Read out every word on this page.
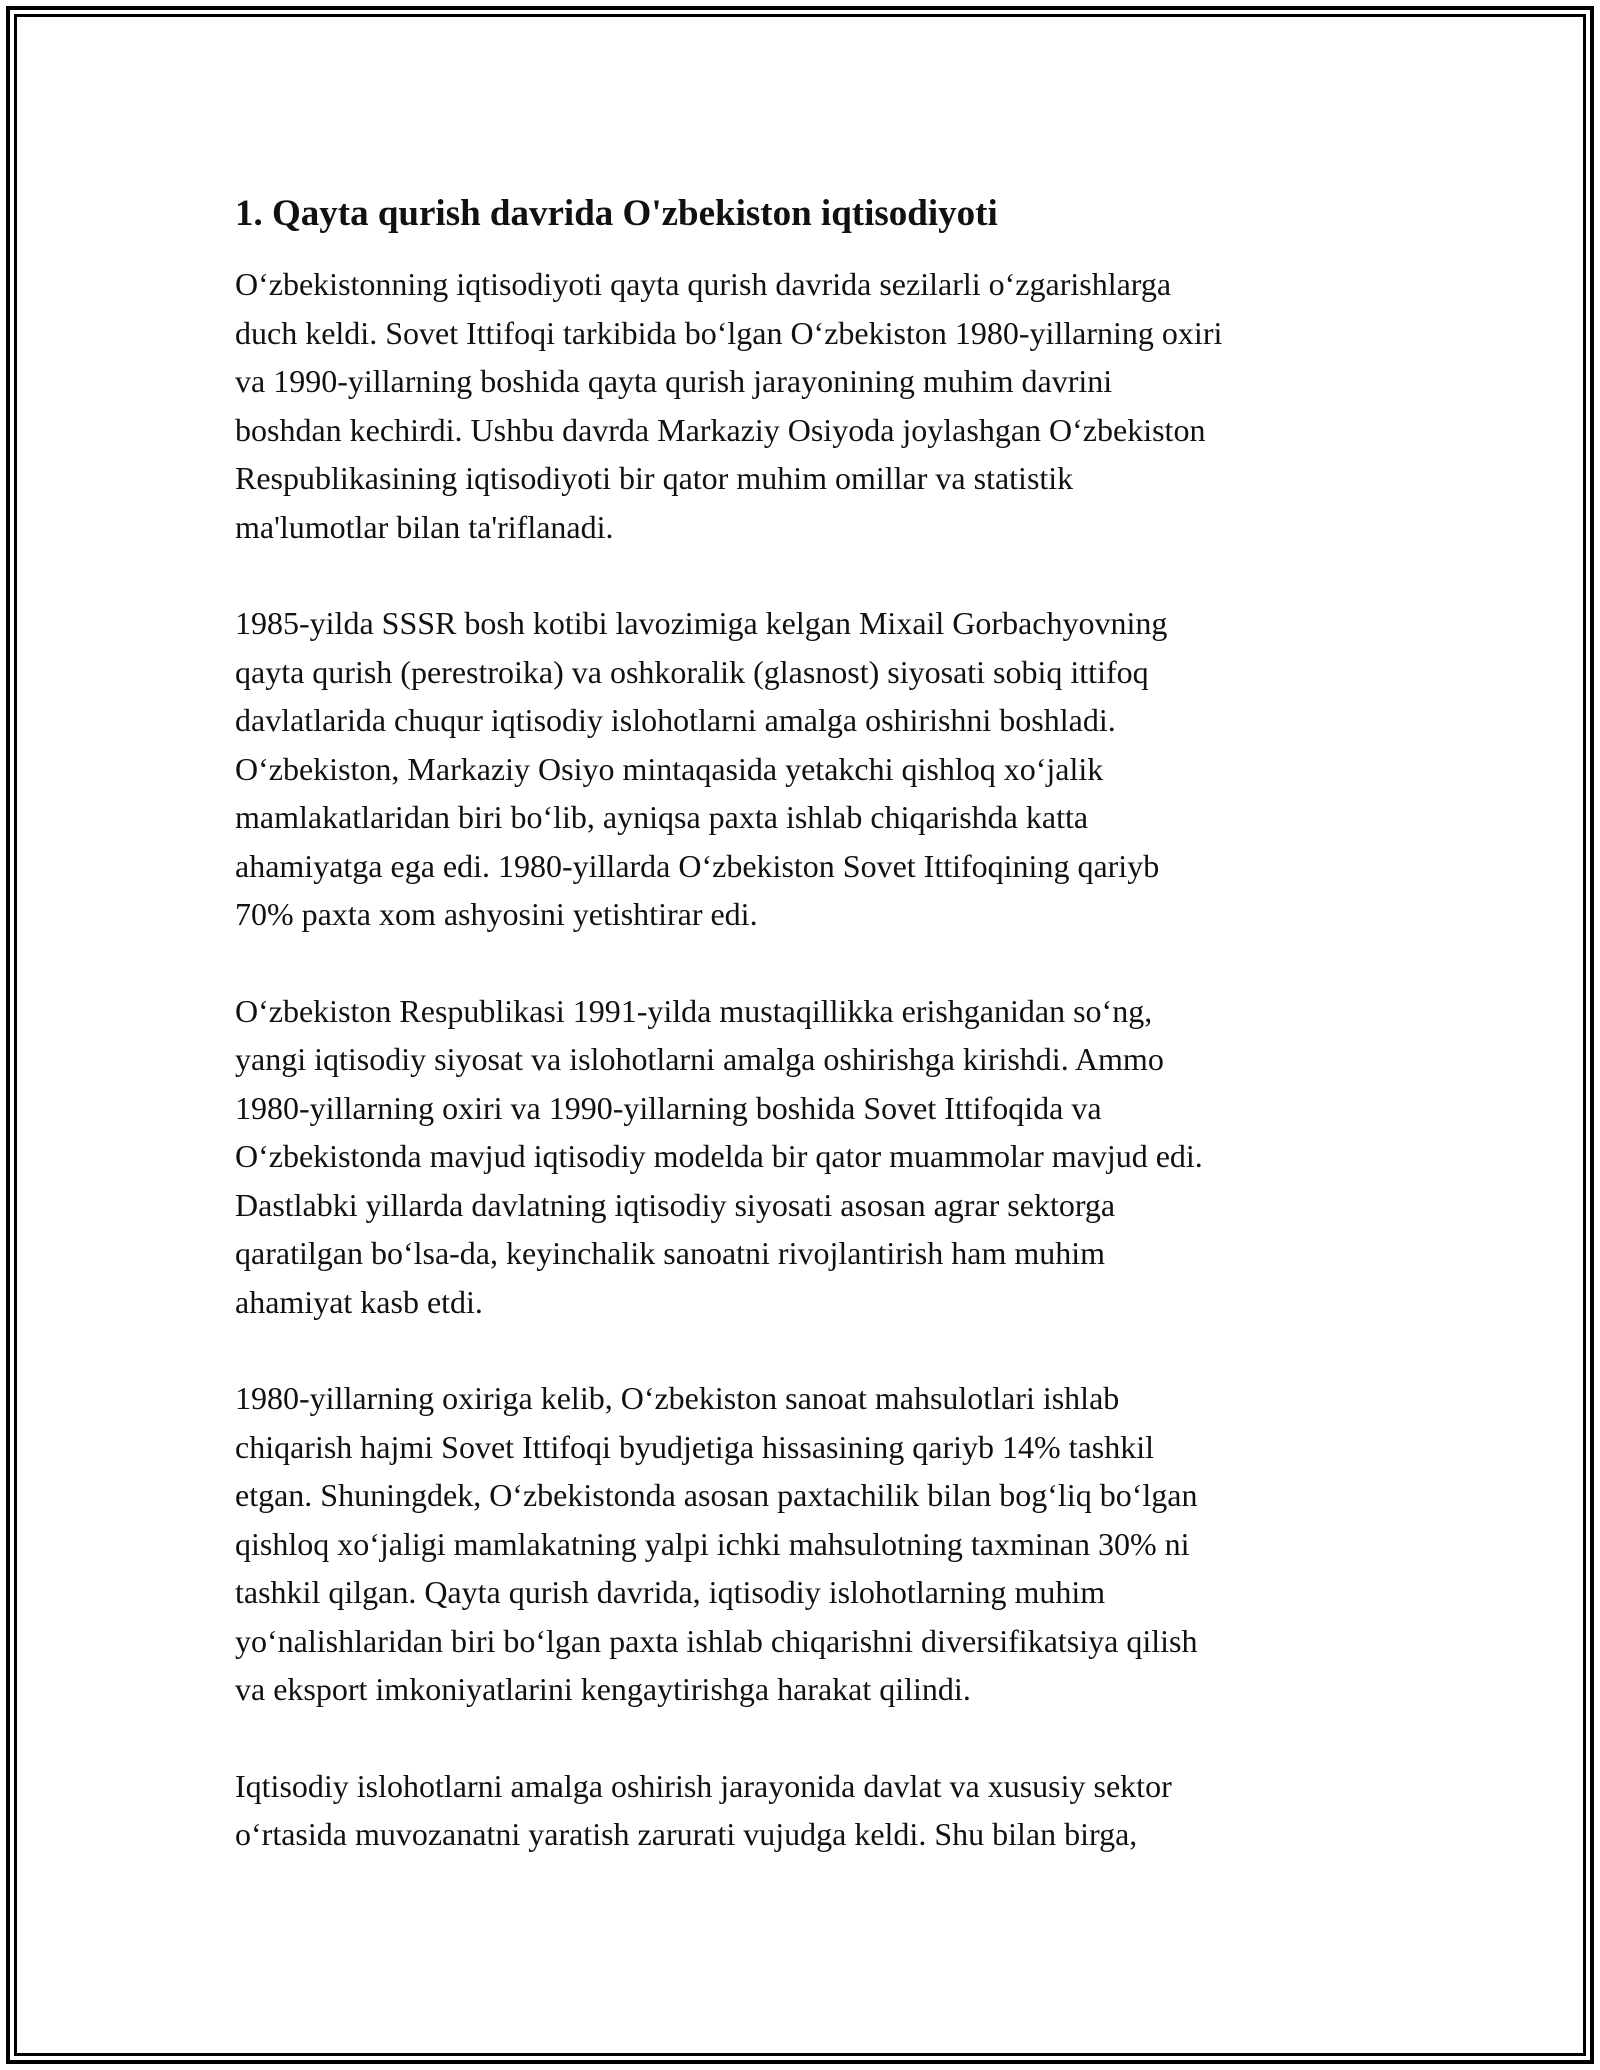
1. Qayta qurish davrida O'zbekiston iqtisodiyoti

O‘zbekistonning iqtisodiyoti qayta qurish davrida sezilarli o‘zgarishlarga
duch keldi. Sovet Ittifoqi tarkibida bo‘lgan O‘zbekiston 1980-yillarning oxiri
va 1990-yillarning boshida qayta qurish jarayonining muhim davrini
boshdan kechirdi. Ushbu davrda Markaziy Osiyoda joylashgan O‘zbekiston
Respublikasining iqtisodiyoti bir qator muhim omillar va statistik
ma'lumotlar bilan ta'riflanadi.

1985-yilda SSSR bosh kotibi lavozimiga kelgan Mixail Gorbachyovning
qayta qurish (perestroika) va oshkoralik (glasnost) siyosati sobiq ittifoq
davlatlarida chuqur iqtisodiy islohotlarni amalga oshirishni boshladi.
O‘zbekiston, Markaziy Osiyo mintaqasida yetakchi qishloq xo‘jalik
mamlakatlaridan biri bo‘lib, ayniqsa paxta ishlab chiqarishda katta
ahamiyatga ega edi. 1980-yillarda O‘zbekiston Sovet Ittifoqining qariyb
70% paxta xom ashyosini yetishtirar edi.

O‘zbekiston Respublikasi 1991-yilda mustaqillikka erishganidan so‘ng,
yangi iqtisodiy siyosat va islohotlarni amalga oshirishga kirishdi. Ammo
1980-yillarning oxiri va 1990-yillarning boshida Sovet Ittifoqida va
O‘zbekistonda mavjud iqtisodiy modelda bir qator muammolar mavjud edi.
Dastlabki yillarda davlatning iqtisodiy siyosati asosan agrar sektorga
qaratilgan bo‘lsa-da, keyinchalik sanoatni rivojlantirish ham muhim
ahamiyat kasb etdi.

1980-yillarning oxiriga kelib, O‘zbekiston sanoat mahsulotlari ishlab
chiqarish hajmi Sovet Ittifoqi byudjetiga hissasining qariyb 14% tashkil
etgan. Shuningdek, O‘zbekistonda asosan paxtachilik bilan bog‘liq bo‘lgan
qishloq xo‘jaligi mamlakatning yalpi ichki mahsulotning taxminan 30% ni
tashkil qilgan. Qayta qurish davrida, iqtisodiy islohotlarning muhim
yo‘nalishlaridan biri bo‘lgan paxta ishlab chiqarishni diversifikatsiya qilish
va eksport imkoniyatlarini kengaytirishga harakat qilindi.

Iqtisodiy islohotlarni amalga oshirish jarayonida davlat va xususiy sektor
o‘rtasida muvozanatni yaratish zarurati vujudga keldi. Shu bilan birga,
